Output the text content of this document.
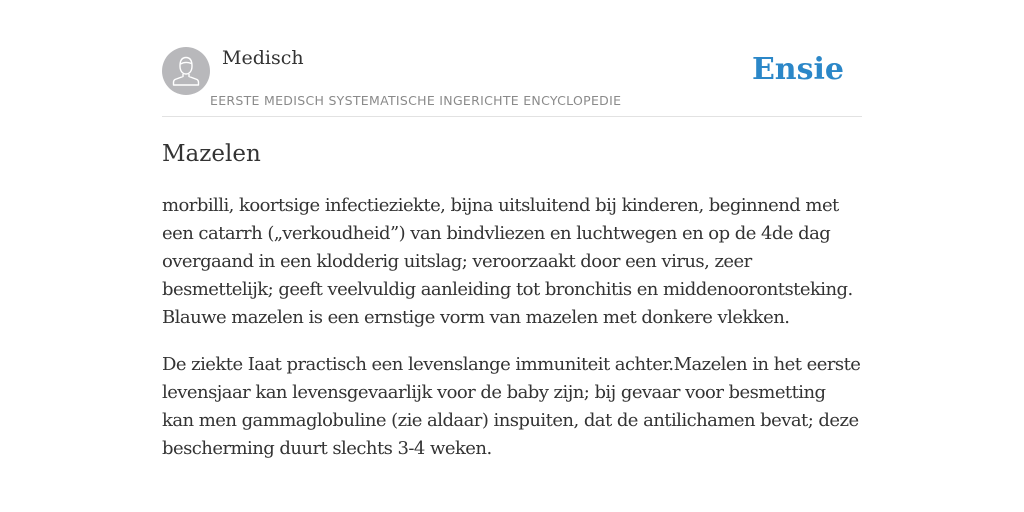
Medisch
EERSTE MEDISCH SYSTEMATISCHE INGERICHTE ENCYCLOPEDIE
Ensie
Mazelen

morbilli, koortsige infectieziekte, bijna uitsluitend bij kinderen, beginnend met een catarrh („verkoudheid”) van bindvliezen en luchtwegen en op de 4de dag overgaand in een klodderig uitslag; veroorzaakt door een virus, zeer besmettelijk; geeft veelvuldig aanleiding tot bronchitis en middenoorontsteking. Blauwe mazelen is een ernstige vorm van mazelen met donkere vlekken.

De ziekte Iaat practisch een levenslange immuniteit achter.Mazelen in het eerste levensjaar kan levensgevaarlijk voor de baby zijn; bij gevaar voor besmetting kan men gammaglobuline (zie aldaar) inspuiten, dat de antilichamen bevat; deze bescherming duurt slechts 3-4 weken.
